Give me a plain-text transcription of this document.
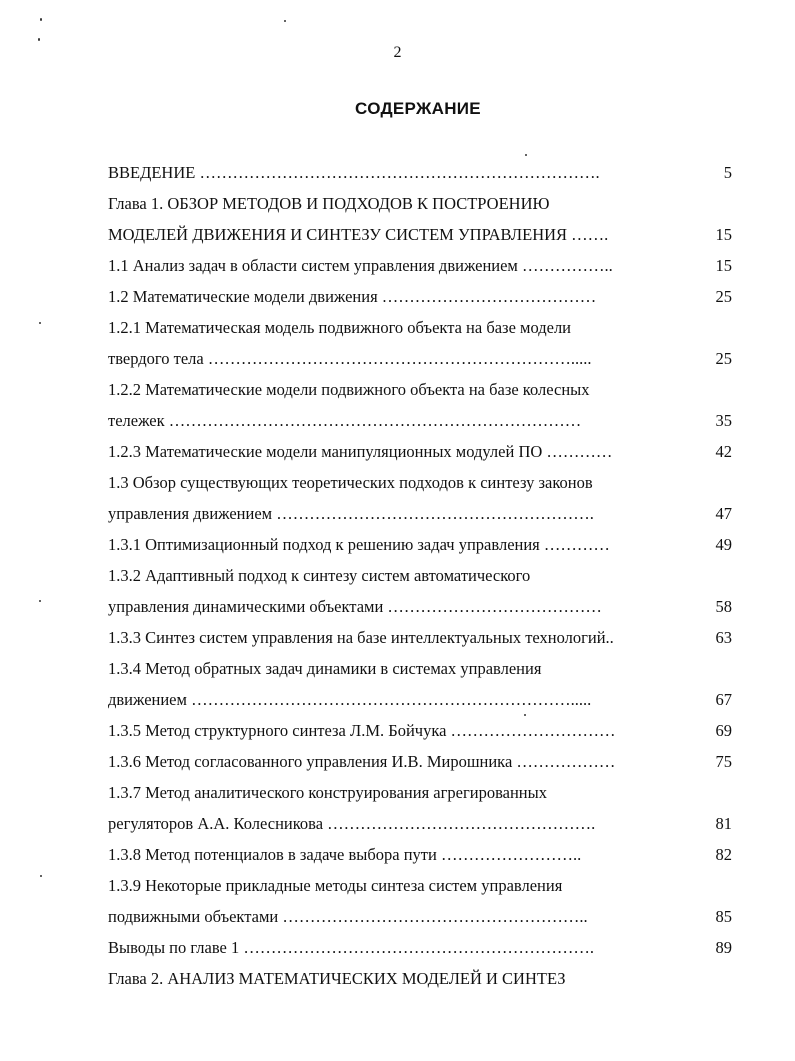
2
СОДЕРЖАНИЕ
ВВЕДЕНИЕ ……………………………………………………………….	5
Глава 1. ОБЗОР МЕТОДОВ И ПОДХОДОВ К ПОСТРОЕНИЮ
МОДЕЛЕЙ ДВИЖЕНИЯ И СИНТЕЗУ СИСТЕМ УПРАВЛЕНИЯ …….	15
1.1 Анализ задач в области систем управления движением ……………..	15
1.2 Математические модели движения …………………………………	25
1.2.1 Математическая модель подвижного объекта на базе модели
твердого тела ………………………………………………………….....	25
1.2.2 Математические модели подвижного объекта на базе колесных
тележек …………………………………………………………………	35
1.2.3 Математические модели манипуляционных модулей ПО …………	42
1.3 Обзор существующих теоретических подходов к синтезу законов
управления движением ………………………………………………….	47
1.3.1 Оптимизационный подход к решению задач управления …………	49
1.3.2 Адаптивный подход к синтезу систем автоматического
управления динамическими объектами …………………………………	58
1.3.3 Синтез систем управления на базе интеллектуальных технологий..	63
1.3.4 Метод обратных задач динамики в системах управления
движением …………………………………………………………….....	67
1.3.5 Метод структурного синтеза Л.М. Бойчука …………………………	69
1.3.6 Метод согласованного управления И.В. Мирошника ………………	75
1.3.7 Метод аналитического конструирования агрегированных
регуляторов А.А. Колесникова ………………………………………….	81
1.3.8 Метод потенциалов в задаче выбора пути ……………………..	82
1.3.9 Некоторые прикладные методы синтеза систем управления
подвижными объектами ………………………………………………..	85
Выводы по главе 1 ……………………………………………………….	89
Глава 2. АНАЛИЗ МАТЕМАТИЧЕСКИХ МОДЕЛЕЙ И СИНТЕЗ
